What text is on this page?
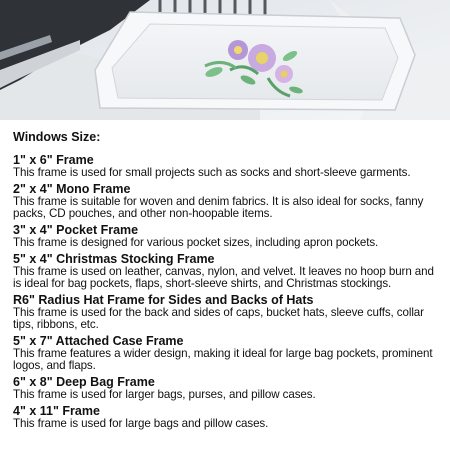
Windows Size:

1" x 6" Frame

This frame is used for small projects such as socks and short-sleeve garments.

2" x 4" Mono Frame

This frame is suitable for woven and denim fabrics. It is also ideal for socks, fanny packs, CD pouches, and other non-hoopable items.

3" x 4" Pocket Frame

This frame is designed for various pocket sizes, including apron pockets.

5" x 4" Christmas Stocking Frame

This frame is used on leather, canvas, nylon, and velvet. It leaves no hoop burn and is ideal for bag pockets, flaps, short-sleeve shirts, and Christmas stockings.

R6" Radius Hat Frame for Sides and Backs of Hats

This frame is used for the back and sides of caps, bucket hats, sleeve cuffs, collar tips, ribbons, etc.

5" x 7" Attached Case Frame

This frame features a wider design, making it ideal for large bag pockets, prominent logos, and flaps.

6" x 8" Deep Bag Frame

This frame is used for larger bags, purses, and pillow cases.

4" x 11" Frame

This frame is used for large bags and pillow cases.
